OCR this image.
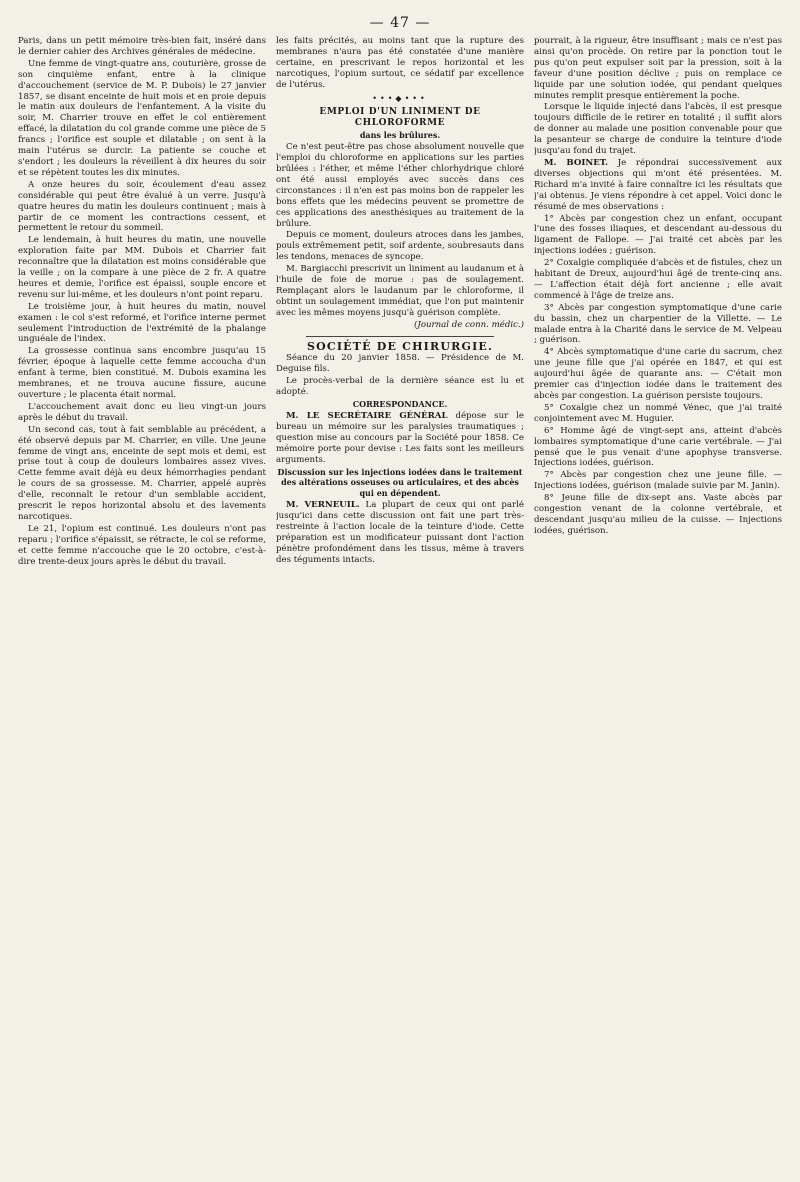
— 47 —

Paris, dans un petit mémoire très-bien fait, inséré dans le dernier cahier des Archives générales de médecine.

Une femme de vingt-quatre ans, couturière, grosse de son cinquième enfant, entre à la clinique d'accouchement (service de M. P. Dubois) le 27 janvier 1857, se disant enceinte de huit mois et en proie depuis le matin aux douleurs de l'enfantement. A la visite du soir, M. Charrier trouve en effet le col entièrement effacé, la dilatation du col grande comme une pièce de 5 francs ; l'orifice est souple et dilatable ; on sent à la main l'utérus se durcir. La patiente se couche et s'endort ; les douleurs la réveillent à dix heures du soir et se répètent toutes les dix minutes.

A onze heures du soir, écoulement d'eau assez considérable qui peut être évalué à un verre. Jusqu'à quatre heures du matin les douleurs continuent ; mais à partir de ce moment les contractions cessent, et permettent le retour du sommeil.

Le lendemain, à huit heures du matin, une nouvelle exploration faite par MM. Dubois et Charrier fait reconnaître que la dilatation est moins considérable que la veille ; on la compare à une pièce de 2 fr. A quatre heures et demie, l'orifice est épaissi, souple encore et revenu sur lui-même, et les douleurs n'ont point reparu.

Le troisième jour, à huit heures du matin, nouvel examen : le col s'est reformé, et l'orifice interne permet seulement l'introduction de l'extrémité de la phalange unguéale de l'index.

La grossesse continua sans encombre jusqu'au 15 février, époque à laquelle cette femme accoucha d'un enfant à terme, bien constitué. M. Dubois examina les membranes, et ne trouva aucune fissure, aucune ouverture ; le placenta était normal.

L'accouchement avait donc eu lieu vingt-un jours après le début du travail.

Un second cas, tout à fait semblable au précédent, a été observé depuis par M. Charrier, en ville. Une jeune femme de vingt ans, enceinte de sept mois et demi, est prise tout à coup de douleurs lombaires assez vives. Cette femme avait déjà eu deux hémorrhagies pendant le cours de sa grossesse. M. Charrier, appelé auprès d'elle, reconnaît le retour d'un semblable accident, prescrit le repos horizontal absolu et des lavements narcotiques.

Le 21, l'opium est continué. Les douleurs n'ont pas reparu ; l'orifice s'épaissit, se rétracte, le col se reforme, et cette femme n'accouche que le 20 octobre, c'est-à-dire trente-deux jours après le début du travail.

les faits précités, au moins tant que la rupture des membranes n'aura pas été constatée d'une manière certaine, en prescrivant le repos horizontal et les narcotiques, l'opium surtout, ce sédatif par excellence de l'utérus.

•••◆•••

EMPLOI D'UN LINIMENT DE CHLOROFORME

dans les brûlures.

Ce n'est peut-être pas chose absolument nouvelle que l'emploi du chloroforme en applications sur les parties brûlées : l'éther, et même l'éther chlorhydrique chloré ont été aussi employés avec succès dans ces circonstances : il n'en est pas moins bon de rappeler les bons effets que les médecins peuvent se promettre de ces applications des anesthésiques au traitement de la brûlure.

Depuis ce moment, douleurs atroces dans les jambes, pouls extrêmement petit, soif ardente, soubresauts dans les tendons, menaces de syncope.

M. Bargiacchi prescrivit un liniment au laudanum et à l'huile de foie de morue : pas de soulagement. Remplaçant alors le laudanum par le chloroforme, il obtint un soulagement immédiat, que l'on put maintenir avec les mêmes moyens jusqu'à guérison complète.

(Journal de conn. médic.)

SOCIÉTÉ DE CHIRURGIE.

Séance du 20 janvier 1858. — Présidence de M. Deguise fils.

Le procès-verbal de la dernière séance est lu et adopté.

CORRESPONDANCE.

M. LE SECRÉTAIRE GÉNÉRAL dépose sur le bureau un mémoire sur les paralysies traumatiques ; question mise au concours par la Société pour 1858. Ce mémoire porte pour devise : Les faits sont les meilleurs arguments.

Discussion sur les injections iodées dans le traitement des altérations osseuses ou articulaires, et des abcès qui en dépendent.

M. VERNEUIL. La plupart de ceux qui ont parlé jusqu'ici dans cette discussion ont fait une part très-restreinte à l'action locale de la teinture d'iode. Cette préparation est un modificateur puissant dont l'action pénètre profondément dans les tissus, même à travers des téguments intacts.

pourrait, à la rigueur, être insuffisant ; mais ce n'est pas ainsi qu'on procède. On retire par la ponction tout le pus qu'on peut expulser soit par la pression, soit à la faveur d'une position déclive ; puis on remplace ce liquide par une solution iodée, qui pendant quelques minutes remplit presque entièrement la poche.

Lorsque le liquide injecté dans l'abcès, il est presque toujours difficile de le retirer en totalité ; il suffit alors de donner au malade une position convenable pour que la pesanteur se charge de conduire la teinture d'iode jusqu'au fond du trajet.

M. BOINET. Je répondrai successivement aux diverses objections qui m'ont été présentées. M. Richard m'a invité à faire connaître ici les résultats que j'ai obtenus. Je viens répondre à cet appel. Voici donc le résumé de mes observations :

1° Abcès par congestion chez un enfant, occupant l'une des fosses iliaques, et descendant au-dessous du ligament de Fallope. — J'ai traité cet abcès par les injections iodées ; guérison.

2° Coxalgie compliquée d'abcès et de fistules, chez un habitant de Dreux, aujourd'hui âgé de trente-cinq ans. — L'affection était déjà fort ancienne ; elle avait commencé à l'âge de treize ans.

3° Abcès par congestion symptomatique d'une carie du bassin, chez un charpentier de la Villette. — Le malade entra à la Charité dans le service de M. Velpeau ; guérison.

4° Abcès symptomatique d'une carie du sacrum, chez une jeune fille que j'ai opérée en 1847, et qui est aujourd'hui âgée de quarante ans. — C'était mon premier cas d'injection iodée dans le traitement des abcès par congestion. La guérison persiste toujours.

5° Coxalgie chez un nommé Vénec, que j'ai traité conjointement avec M. Huguier.

6° Homme âgé de vingt-sept ans, atteint d'abcès lombaires symptomatique d'une carie vertébrale. — J'ai pensé que le pus venait d'une apophyse transverse. Injections iodées, guérison.

7° Abcès par congestion chez une jeune fille. — Injections iodées, guérison (malade suivie par M. Janin).

8° Jeune fille de dix-sept ans. Vaste abcès par congestion venant de la colonne vertébrale, et descendant jusqu'au milieu de la cuisse. — Injections iodées, guérison.
